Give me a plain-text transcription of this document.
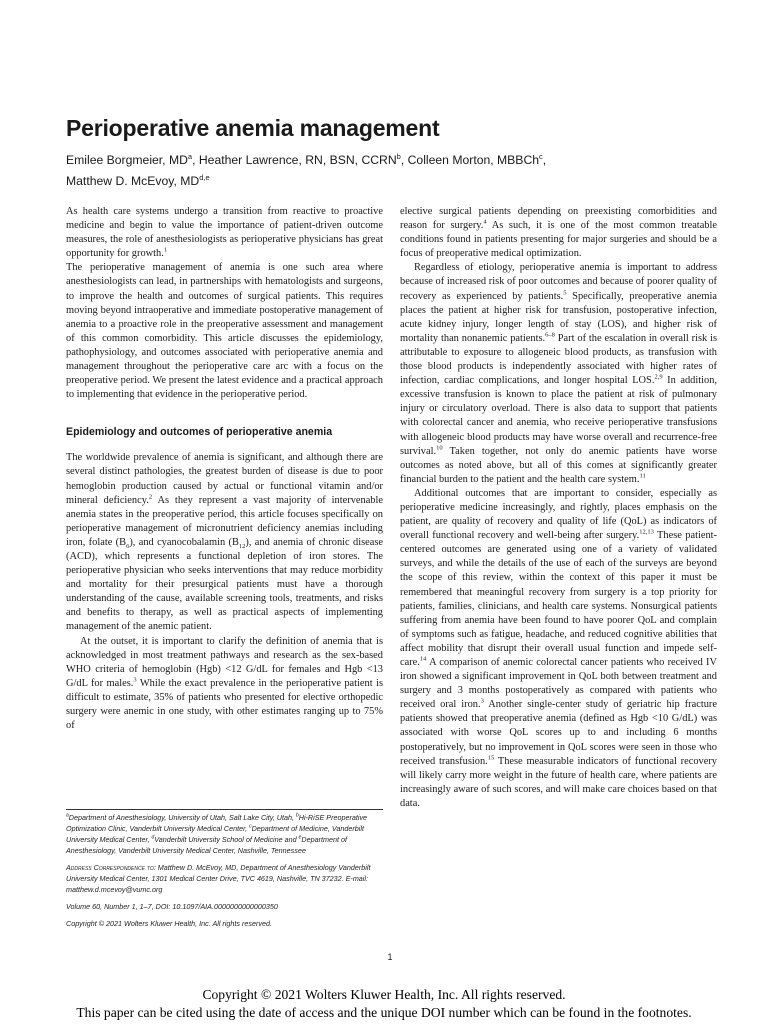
Perioperative anemia management

Emilee Borgmeier, $MD^a$, Heather Lawrence, RN, BSN, CCRN$^b$, Colleen Morton, MBBCh$^c$,
Matthew D. McEvoy, MD$^{d,e}$

As health care systems undergo a transition from reactive to proactive medicine and begin to value the importance of patient-driven outcome measures, the role of anesthesiologists as perioperative physicians has great opportunity for growth.$^1$

The perioperative management of anemia is one such area where anesthesiologists can lead, in partnerships with hematologists and surgeons, to improve the health and outcomes of surgical patients. This requires moving beyond intraoperative and immediate postoperative management of anemia to a proactive role in the preoperative assessment and management of this common comorbidity. This article discusses the epidemiology, pathophysiology, and outcomes associated with perioperative anemia and management throughout the perioperative care arc with a focus on the preoperative period. We present the latest evidence and a practical approach to implementing that evidence in the perioperative period.

Epidemiology and outcomes of perioperative anemia

The worldwide prevalence of anemia is significant, and although there are several distinct pathologies, the greatest burden of disease is due to poor hemoglobin production caused by actual or functional vitamin and/or mineral deficiency.$^2$ As they represent a vast majority of intervenable anemia states in the preoperative period, this article focuses specifically on perioperative management of micronutrient deficiency anemias including iron, folate $(B_6)$, and cyanocobalamin $(B_{12})$, and anemia of chronic disease (ACD), which represents a functional depletion of iron stores. The perioperative physician who seeks interventions that may reduce morbidity and mortality for their presurgical patients must have a thorough understanding of the cause, available screening tools, treatments, and risks and benefits to therapy, as well as practical aspects of implementing management of the anemic patient.

At the outset, it is important to clarify the definition of anemia that is acknowledged in most treatment pathways and research as the sex-based WHO criteria of hemoglobin (Hgb) <12 G/dL for females and Hgb <13 G/dL for males.$^3$ While the exact prevalence in the perioperative patient is difficult to estimate, 35% of patients who presented for elective orthopedic surgery were anemic in one study, with other estimates ranging up to 75% of

elective surgical patients depending on preexisting comorbidities and reason for surgery.$^4$ As such, it is one of the most common treatable conditions found in patients presenting for major surgeries and should be a focus of preoperative medical optimization.

Regardless of etiology, perioperative anemia is important to address because of increased risk of poor outcomes and because of poorer quality of recovery as experienced by patients.$^5$ Specifically, preoperative anemia places the patient at higher risk for transfusion, postoperative infection, acute kidney injury, longer length of stay (LOS), and higher risk of mortality than nonanemic patients.$^{6-8}$ Part of the escalation in overall risk is attributable to exposure to allogeneic blood products, as transfusion with those blood products is independently associated with higher rates of infection, cardiac complications, and longer hospital LOS.$^{2,9}$ In addition, excessive transfusion is known to place the patient at risk of pulmonary injury or circulatory overload. There is also data to support that patients with colorectal cancer and anemia, who receive perioperative transfusions with allogeneic blood products may have worse overall and recurrence-free survival.$^{10}$ Taken together, not only do anemic patients have worse outcomes as noted above, but all of this comes at significantly greater financial burden to the patient and the health care system.$^{11}$

Additional outcomes that are important to consider, especially as perioperative medicine increasingly, and rightly, places emphasis on the patient, are quality of recovery and quality of life (QoL) as indicators of overall functional recovery and well-being after surgery.$^{12,13}$ These patient-centered outcomes are generated using one of a variety of validated surveys, and while the details of the use of each of the surveys are beyond the scope of this review, within the context of this paper it must be remembered that meaningful recovery from surgery is a top priority for patients, families, clinicians, and health care systems. Nonsurgical patients suffering from anemia have been found to have poorer QoL and complain of symptoms such as fatigue, headache, and reduced cognitive abilities that affect mobility that disrupt their overall usual function and impede self-care.$^{14}$ A comparison of anemic colorectal cancer patients who received IV iron showed a significant improvement in QoL both between treatment and surgery and 3 months postoperatively as compared with patients who received oral iron.$^3$ Another single-center study of geriatric hip fracture patients showed that preoperative anemia (defined as Hgb <10 G/dL) was associated with worse QoL scores up to and including 6 months postoperatively, but no improvement in QoL scores were seen in those who received transfusion.$^{15}$ These measurable indicators of functional recovery will likely carry more weight in the future of health care, where patients are increasingly aware of such scores, and will make care choices based on that data.

$^a$Department of Anesthesiology, University of Utah, Salt Lake City, Utah, $^b$Hi-RiSE Preoperative Optimization Clinic, Vanderbilt University Medical Center, $^c$Department of Medicine, Vanderbilt University Medical Center, $^d$Vanderbilt University School of Medicine and $^e$Department of Anesthesiology, Vanderbilt University Medical Center, Nashville, Tennessee

Address Correspondence to: Matthew D. McEvoy, MD, Department of Anesthesiology Vanderbilt University Medical Center, 1301 Medical Center Drive, TVC 4619, Nashville, TN 37232. E-mail: matthew.d.mcevoy@vumc.org

Volume 60, Number 1, 1–7, DOI: 10.1097/AIA.0000000000000350

Copyright © 2021 Wolters Kluwer Health, Inc. All rights reserved.

1
Copyright © 2021 Wolters Kluwer Health, Inc. All rights reserved.
This paper can be cited using the date of access and the unique DOI number which can be found in the footnotes.
